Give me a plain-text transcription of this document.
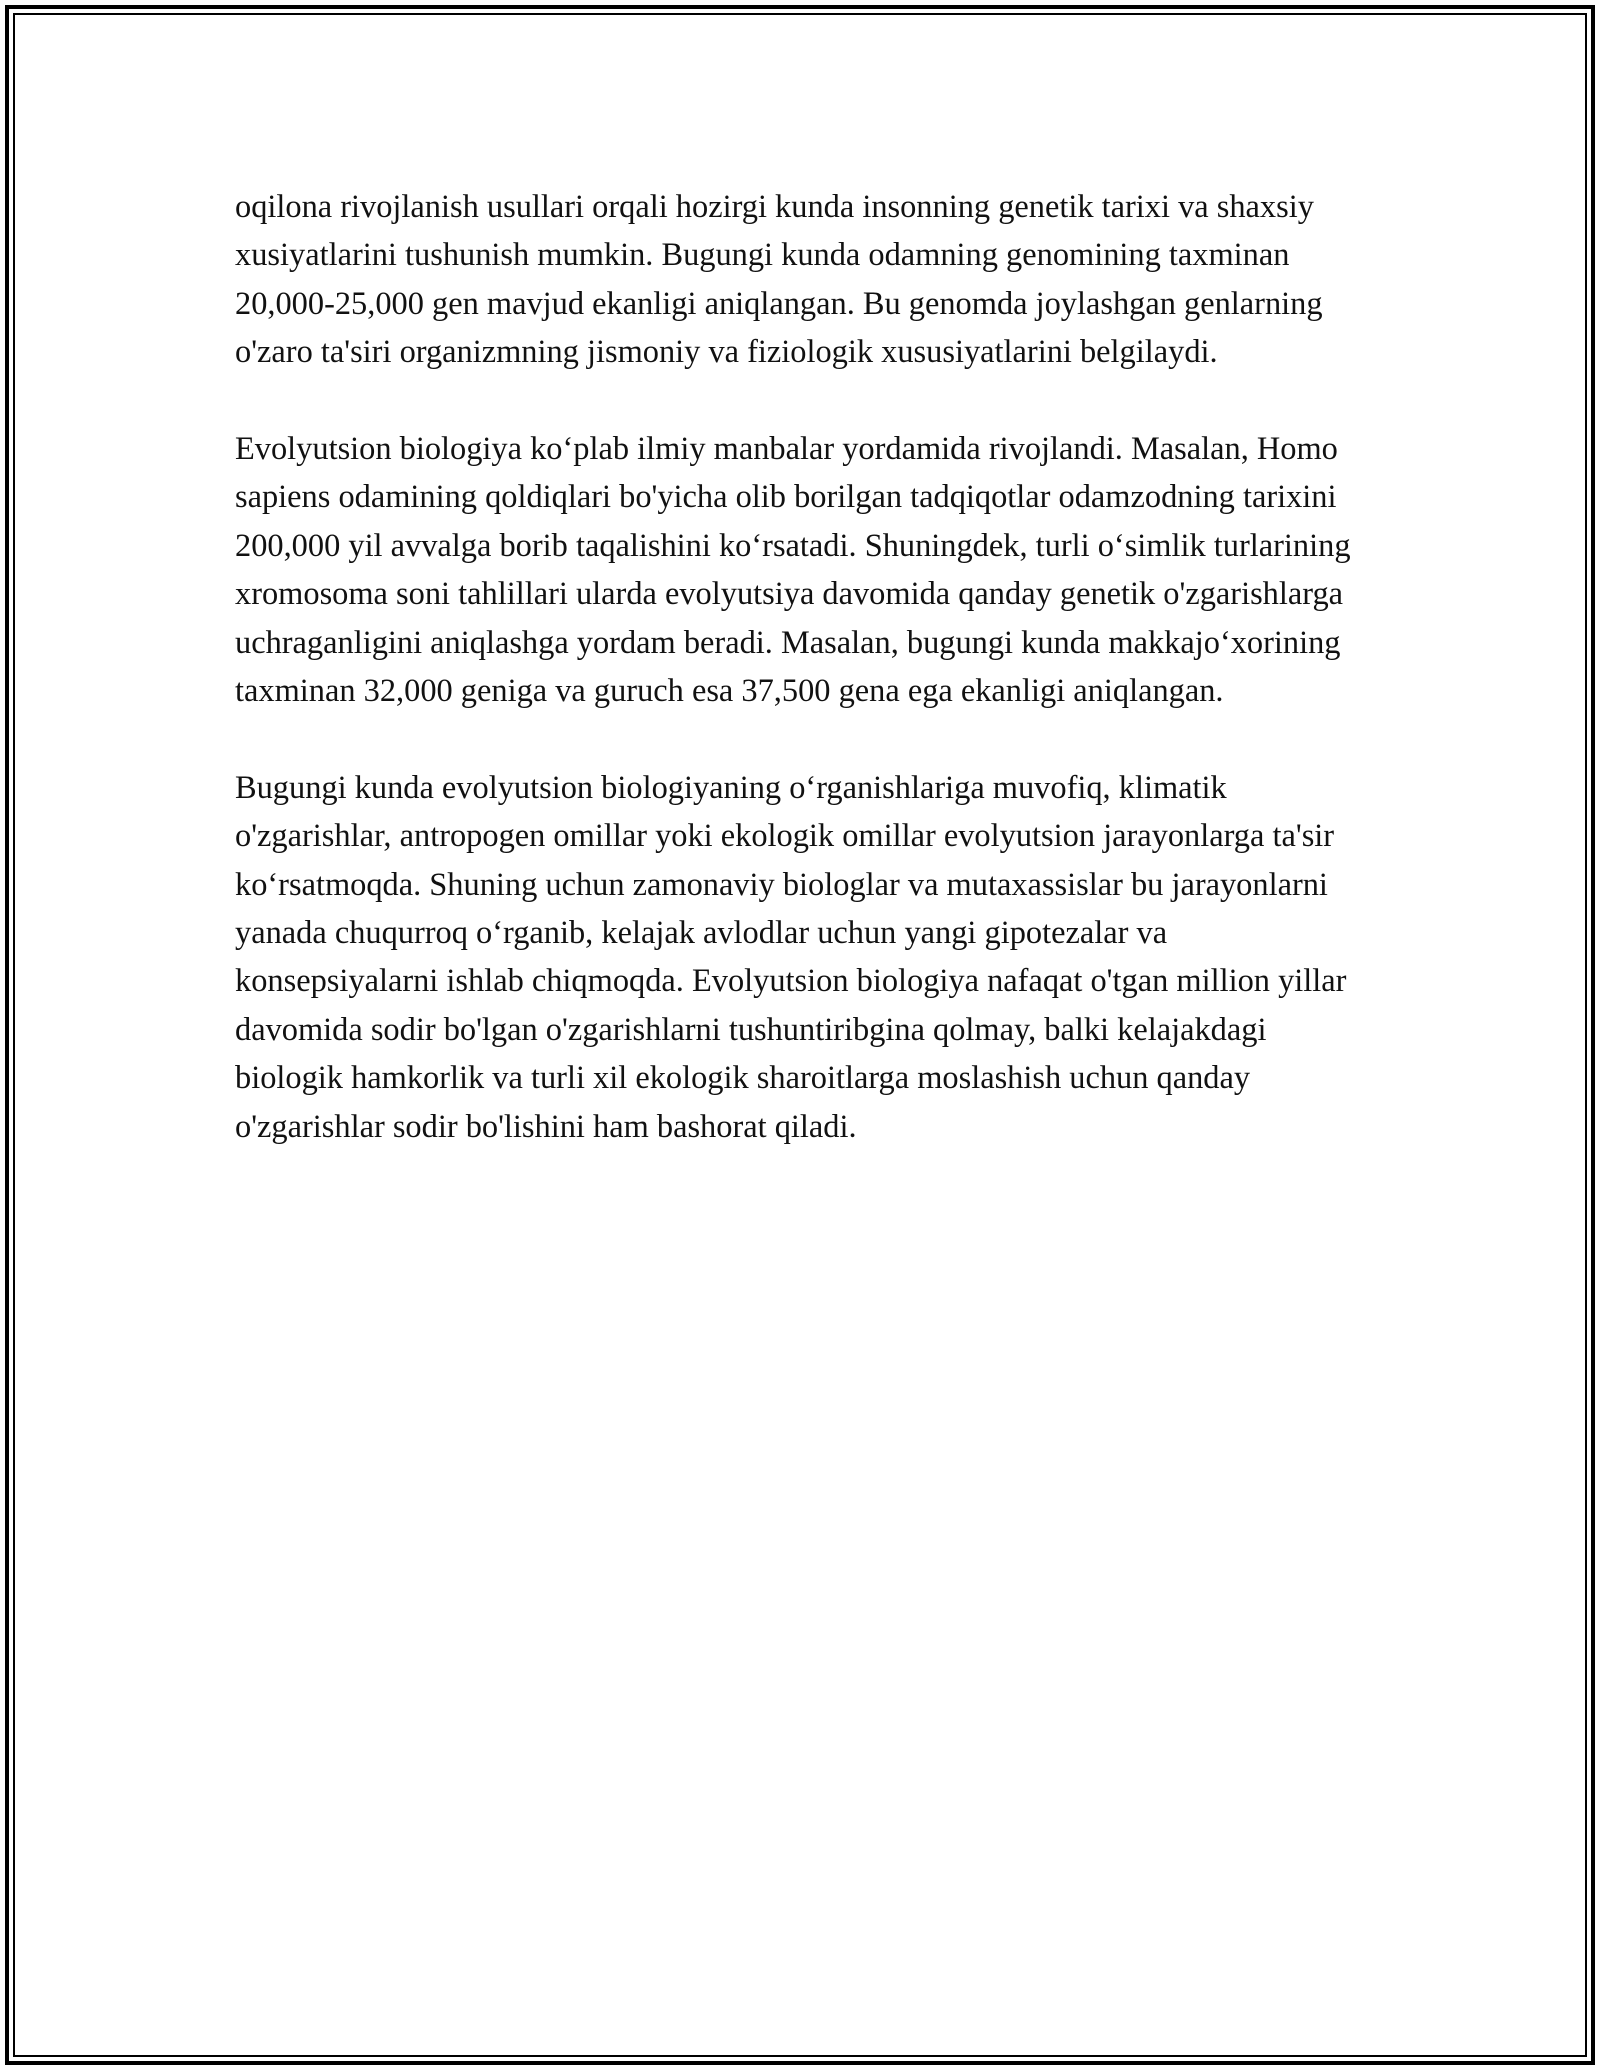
oqilona rivojlanish usullari orqali hozirgi kunda insonning genetik tarixi va shaxsiy xusiyatlarini tushunish mumkin. Bugungi kunda odamning genomining taxminan 20,000-25,000 gen mavjud ekanligi aniqlangan. Bu genomda joylashgan genlarning o'zaro ta'siri organizmning jismoniy va fiziologik xususiyatlarini belgilaydi.

Evolyutsion biologiya ko‘plab ilmiy manbalar yordamida rivojlandi. Masalan, Homo sapiens odamining qoldiqlari bo'yicha olib borilgan tadqiqotlar odamzodning tarixini 200,000 yil avvalga borib taqalishini ko‘rsatadi. Shuningdek, turli o‘simlik turlarining xromosoma soni tahlillari ularda evolyutsiya davomida qanday genetik o'zgarishlarga uchraganligini aniqlashga yordam beradi. Masalan, bugungi kunda makkajo‘xorining taxminan 32,000 geniga va guruch esa 37,500 gena ega ekanligi aniqlangan.

Bugungi kunda evolyutsion biologiyaning o‘rganishlariga muvofiq, klimatik o'zgarishlar, antropogen omillar yoki ekologik omillar evolyutsion jarayonlarga ta'sir ko‘rsatmoqda. Shuning uchun zamonaviy biologlar va mutaxassislar bu jarayonlarni yanada chuqurroq o‘rganib, kelajak avlodlar uchun yangi gipotezalar va konsepsiyalarni ishlab chiqmoqda. Evolyutsion biologiya nafaqat o'tgan million yillar davomida sodir bo'lgan o'zgarishlarni tushuntiribgina qolmay, balki kelajakdagi biologik hamkorlik va turli xil ekologik sharoitlarga moslashish uchun qanday o'zgarishlar sodir bo'lishini ham bashorat qiladi.
